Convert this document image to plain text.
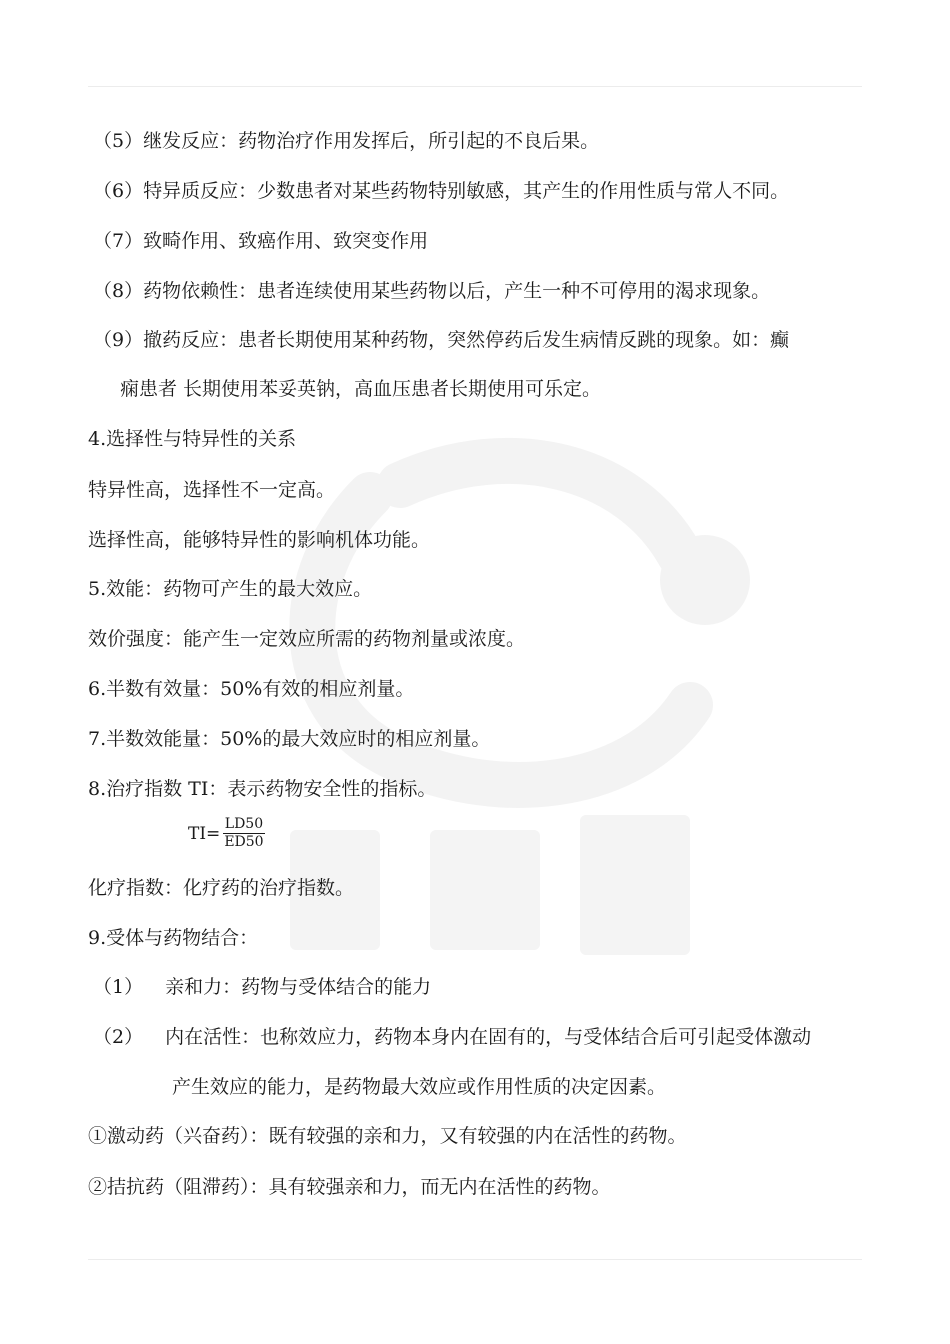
（5）继发反应：药物治疗作用发挥后，所引起的不良后果。
（6）特异质反应：少数患者对某些药物特别敏感，其产生的作用性质与常人不同。
（7）致畸作用、致癌作用、致突变作用
（8）药物依赖性：患者连续使用某些药物以后，产生一种不可停用的渴求现象。
（9）撤药反应：患者长期使用某种药物，突然停药后发生病情反跳的现象。如：癫
痫患者 长期使用苯妥英钠，高血压患者长期使用可乐定。
4.选择性与特异性的关系
特异性高，选择性不一定高。
选择性高，能够特异性的影响机体功能。
5.效能：药物可产生的最大效应。
效价强度：能产生一定效应所需的药物剂量或浓度。
6.半数有效量：50%有效的相应剂量。
7.半数效能量：50%的最大效应时的相应剂量。
8.治疗指数 TI：表示药物安全性的指标。
$TI= \frac{LD50}{ED50}$
化疗指数：化疗药的治疗指数。
9.受体与药物结合：
（1） 亲和力：药物与受体结合的能力
（2） 内在活性：也称效应力，药物本身内在固有的，与受体结合后可引起受体激动
产生效应的能力，是药物最大效应或作用性质的决定因素。
①激动药（兴奋药）：既有较强的亲和力，又有较强的内在活性的药物。
②拮抗药（阻滞药）：具有较强亲和力，而无内在活性的药物。
